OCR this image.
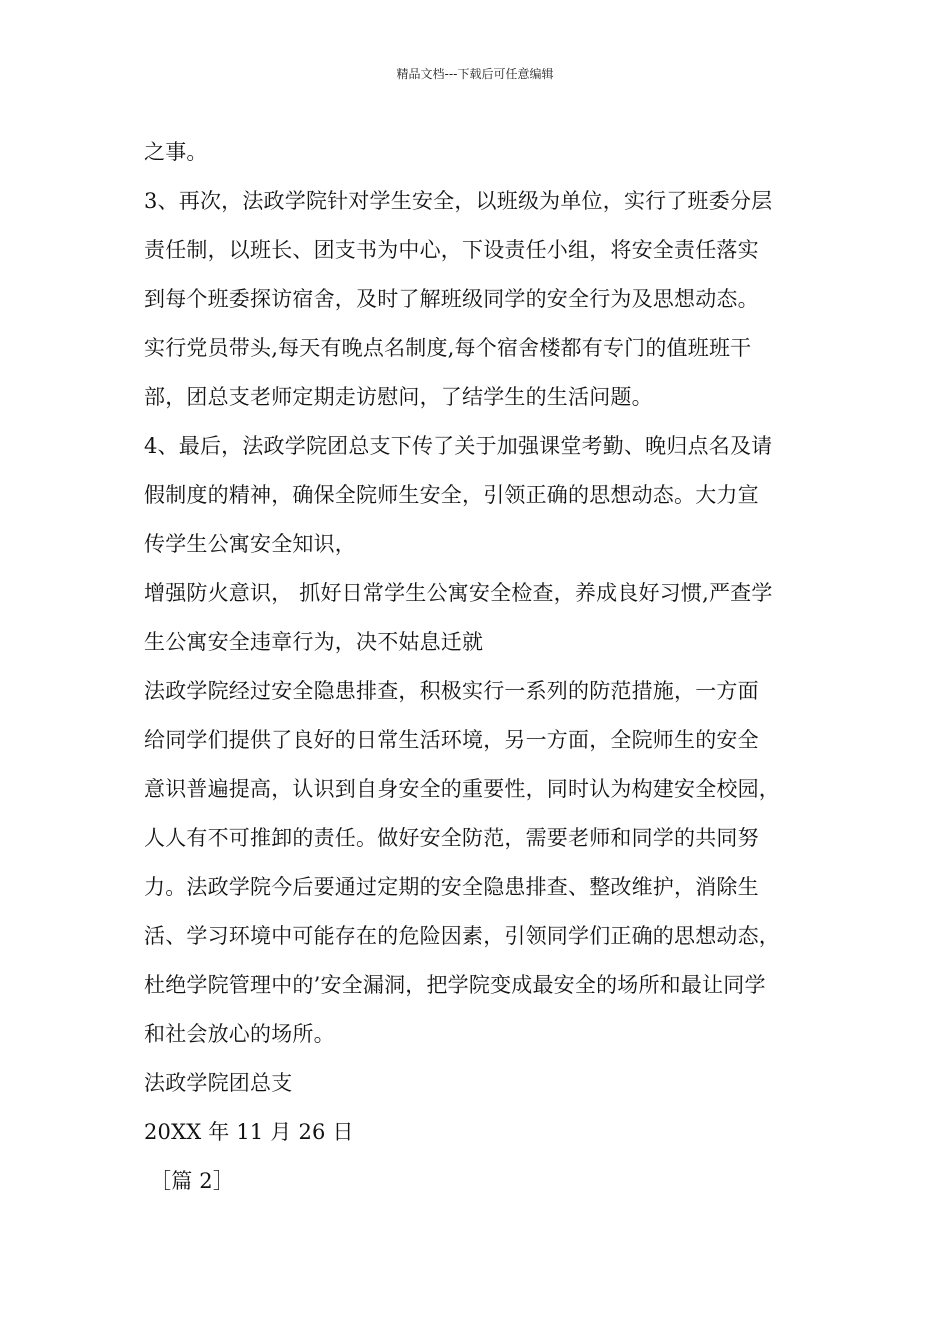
精品文档---下载后可任意编辑
之事。
3、再次，法政学院针对学生安全，以班级为单位，实行了班委分层
责任制，以班长、团支书为中心，下设责任小组，将安全责任落实
到每个班委探访宿舍，及时了解班级同学的安全行为及思想动态。
实行党员带头,每天有晚点名制度,每个宿舍楼都有专门的值班班干
部，团总支老师定期走访慰问，了结学生的生活问题。
4、最后，法政学院团总支下传了关于加强课堂考勤、晚归点名及请
假制度的精神，确保全院师生安全，引领正确的思想动态。大力宣
传学生公寓安全知识，
增强防火意识， 抓好日常学生公寓安全检查，养成良好习惯,严查学
生公寓安全违章行为，决不姑息迁就
法政学院经过安全隐患排查，积极实行一系列的防范措施，一方面
给同学们提供了良好的日常生活环境，另一方面，全院师生的安全
意识普遍提高，认识到自身安全的重要性，同时认为构建安全校园，
人人有不可推卸的责任。做好安全防范，需要老师和同学的共同努
力。法政学院今后要通过定期的安全隐患排查、整改维护，消除生
活、学习环境中可能存在的危险因素，引领同学们正确的思想动态，
杜绝学院管理中的’安全漏洞，把学院变成最安全的场所和最让同学
和社会放心的场所。
法政学院团总支
20XX 年 11 月 26 日
［篇 2］
